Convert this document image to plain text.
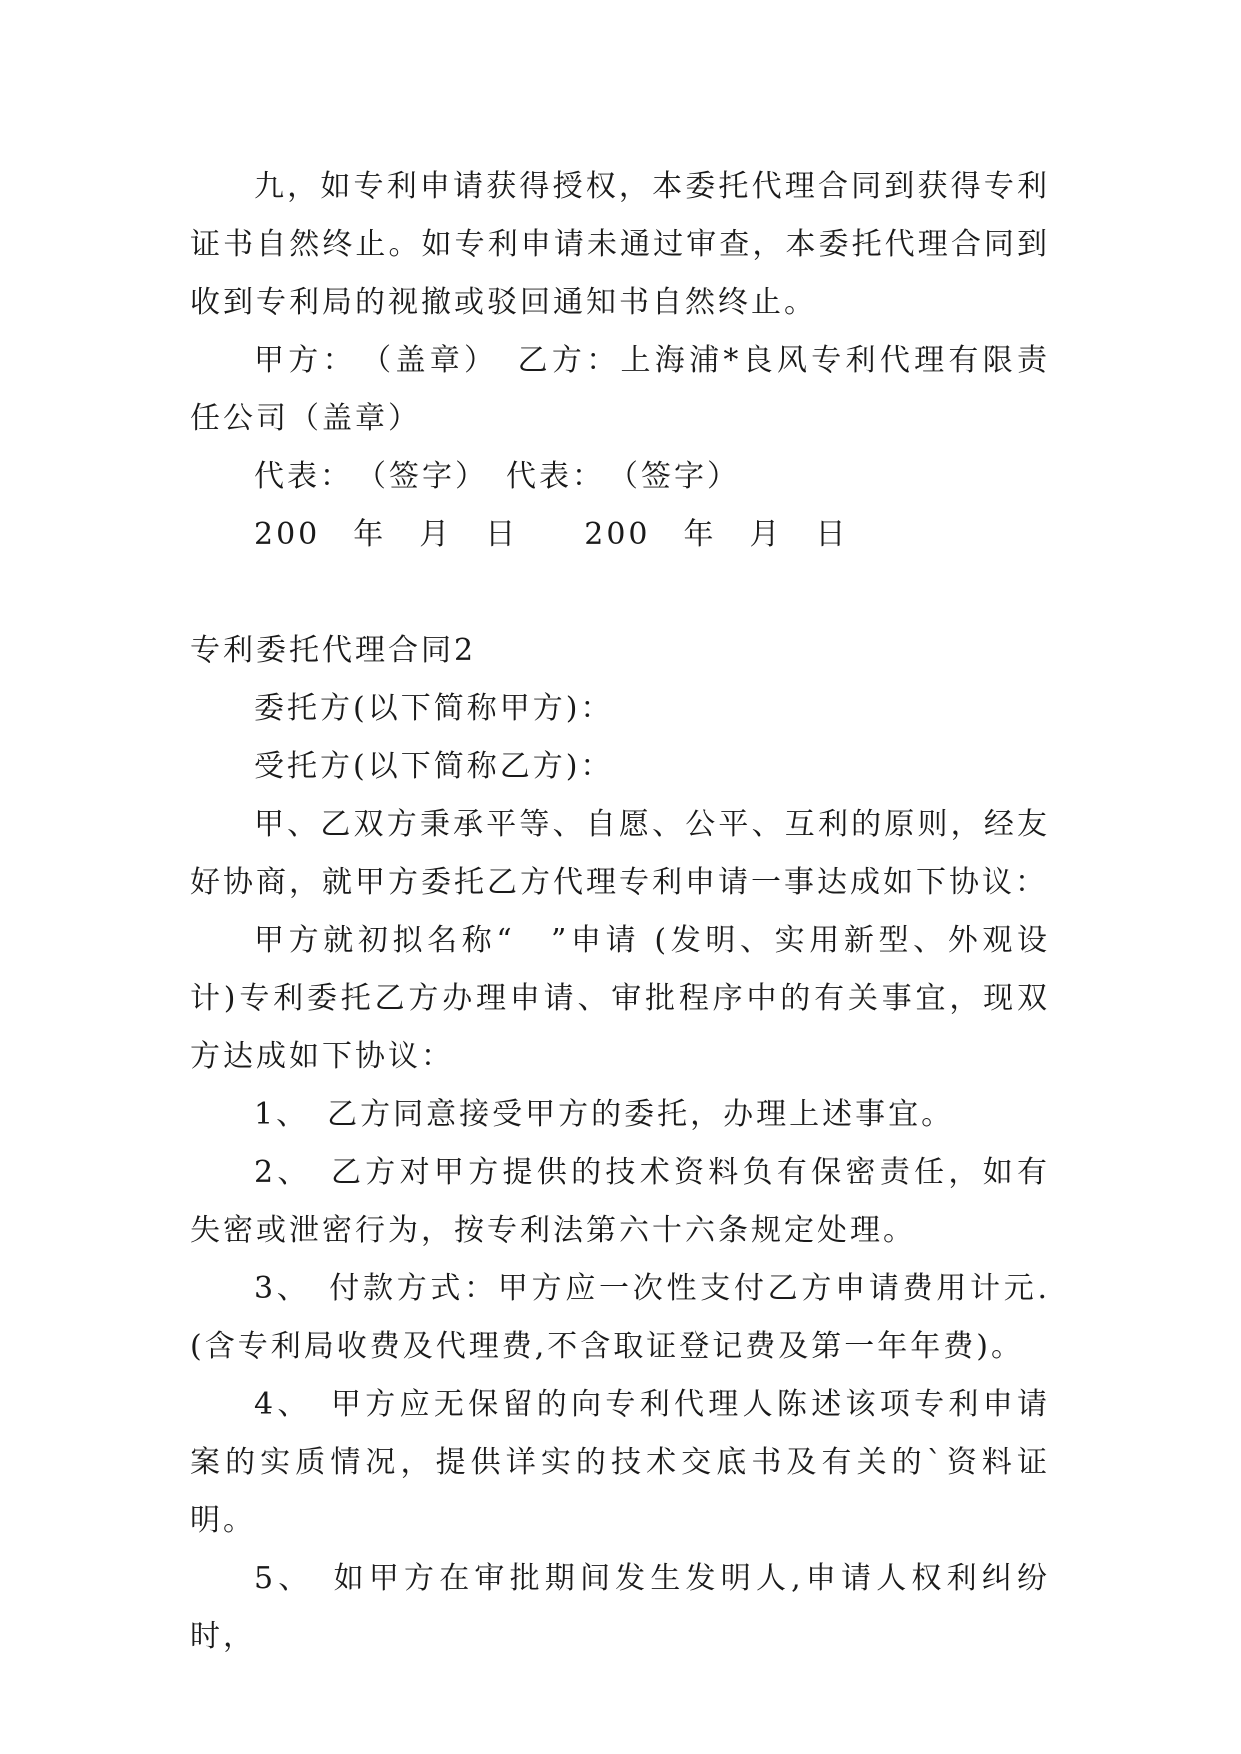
九，如专利申请获得授权，本委托代理合同到获得专利证书自然终止。如专利申请未通过审查，本委托代理合同到收到专利局的视撤或驳回通知书自然终止。

甲方：　（盖章）　乙方：上海浦*良风专利代理有限责任公司（盖章）

代表：　（签字）　代表：　（签字）

200　年　月　日　　200　年　月　日

专利委托代理合同2

委托方(以下简称甲方)：

受托方(以下简称乙方)：

甲、乙双方秉承平等、自愿、公平、互利的原则，经友好协商，就甲方委托乙方代理专利申请一事达成如下协议：

甲方就初拟名称“　”申请 (发明、实用新型、外观设计)专利委托乙方办理申请、审批程序中的有关事宜，现双方达成如下协议：

1、　乙方同意接受甲方的委托，办理上述事宜。

2、　乙方对甲方提供的技术资料负有保密责任，如有失密或泄密行为，按专利法第六十六条规定处理。

3、　付款方式：甲方应一次性支付乙方申请费用计元.(含专利局收费及代理费,不含取证登记费及第一年年费)。

4、　甲方应无保留的向专利代理人陈述该项专利申请案的实质情况，提供详实的技术交底书及有关的`资料证明。

5、　如甲方在审批期间发生发明人,申请人权利纠纷时，
